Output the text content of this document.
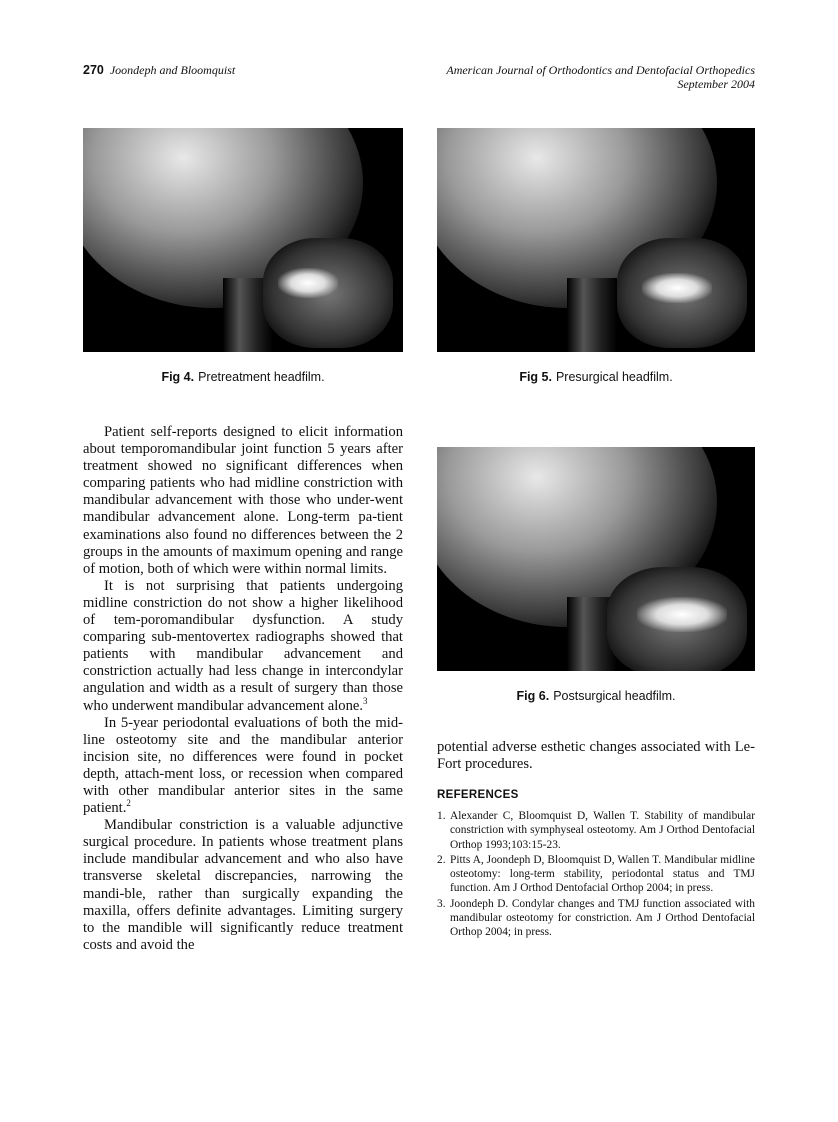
270 Joondeph and Bloomquist	American Journal of Orthodontics and Dentofacial Orthopedics
September 2004
Fig 4. Pretreatment headfilm.	Fig 5. Presurgical headfilm.
Fig 6. Postsurgical headfilm.

Patient self-reports designed to elicit information about temporomandibular joint function 5 years after treatment showed no significant differences when comparing patients who had midline constriction with mandibular advancement with those who under-went mandibular advancement alone. Long-term pa-tient examinations also found no differences between the 2 groups in the amounts of maximum opening and range of motion, both of which were within normal limits.

It is not surprising that patients undergoing midline constriction do not show a higher likelihood of tem-poromandibular dysfunction. A study comparing sub-mentovertex radiographs showed that patients with mandibular advancement and constriction actually had less change in intercondylar angulation and width as a result of surgery than those who underwent mandibular advancement alone.$^3$

In 5-year periodontal evaluations of both the mid-line osteotomy site and the mandibular anterior incision site, no differences were found in pocket depth, attach-ment loss, or recession when compared with other mandibular anterior sites in the same patient.$^2$

Mandibular constriction is a valuable adjunctive surgical procedure. In patients whose treatment plans include mandibular advancement and who also have transverse skeletal discrepancies, narrowing the mandi-ble, rather than surgically expanding the maxilla, offers definite advantages. Limiting surgery to the mandible will significantly reduce treatment costs and avoid the

potential adverse esthetic changes associated with Le-Fort procedures.

REFERENCES
1. Alexander C, Bloomquist D, Wallen T. Stability of mandibular constriction with symphyseal osteotomy. Am J Orthod Dentofacial Orthop 1993;103:15-23.
2. Pitts A, Joondeph D, Bloomquist D, Wallen T. Mandibular midline osteotomy: long-term stability, periodontal status and TMJ function. Am J Orthod Dentofacial Orthop 2004; in press.
3. Joondeph D. Condylar changes and TMJ function associated with mandibular osteotomy for constriction. Am J Orthod Dentofacial Orthop 2004; in press.
